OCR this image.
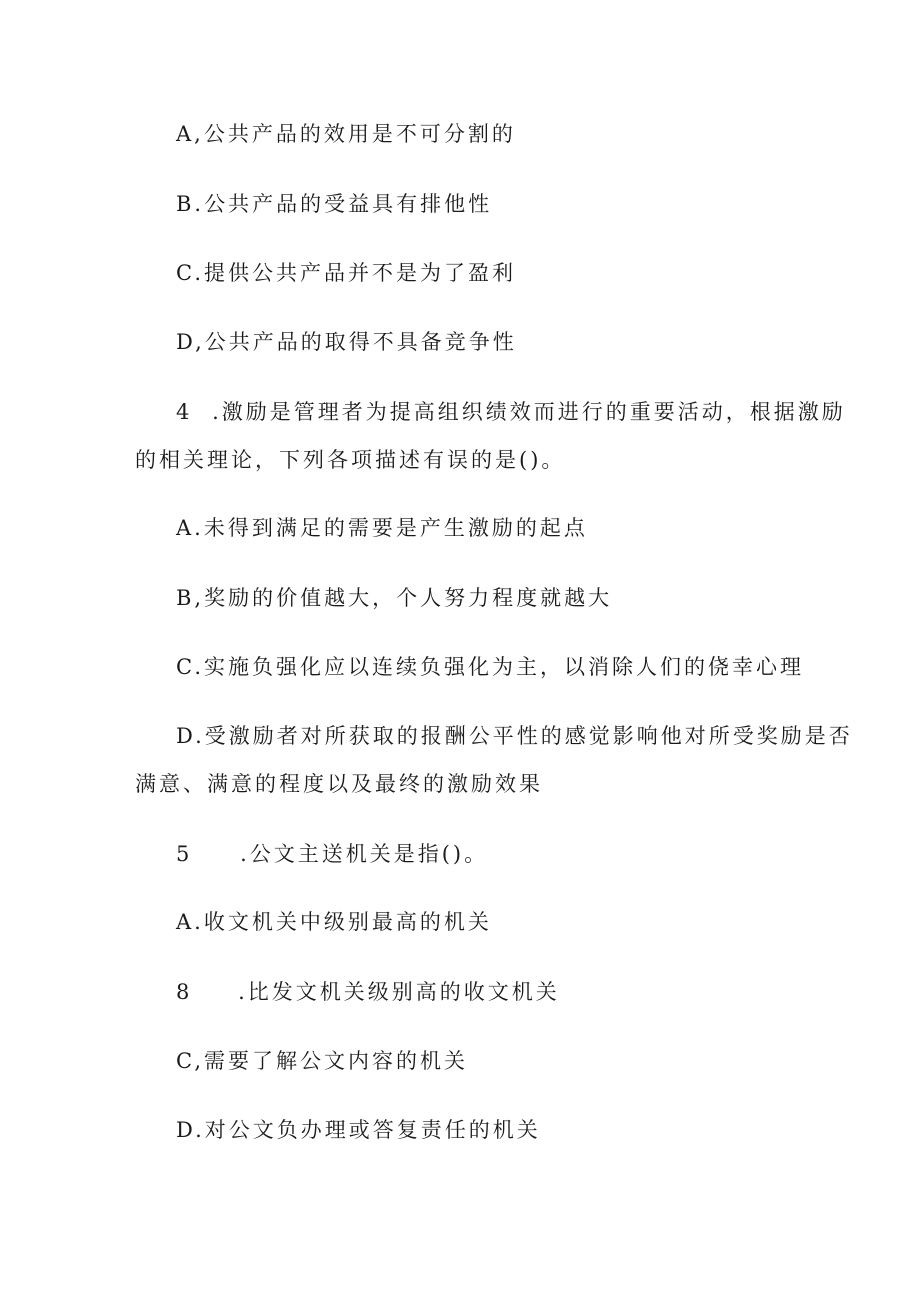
A,公共产品的效用是不可分割的
B.公共产品的受益具有排他性
C.提供公共产品并不是为了盈利
D,公共产品的取得不具备竞争性
4 .激励是管理者为提高组织绩效而进行的重要活动，根据激励
的相关理论，下列各项描述有误的是()。
A.未得到满足的需要是产生激励的起点
B,奖励的价值越大，个人努力程度就越大
C.实施负强化应以连续负强化为主，以消除人们的侥幸心理
D.受激励者对所获取的报酬公平性的感觉影响他对所受奖励是否
满意、满意的程度以及最终的激励效果
5 .公文主送机关是指()。
A.收文机关中级别最高的机关
8 .比发文机关级别高的收文机关
C,需要了解公文内容的机关
D.对公文负办理或答复责任的机关
